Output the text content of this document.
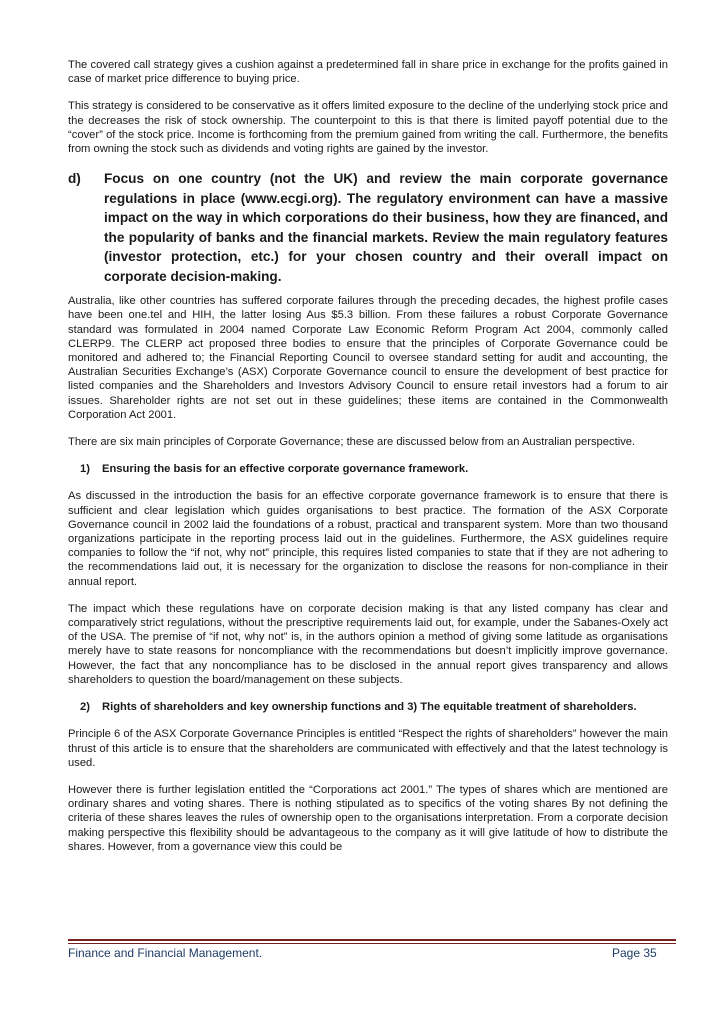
The covered call strategy gives a cushion against a predetermined fall in share price in exchange for the profits gained in case of market price difference to buying price.

This strategy is considered to be conservative as it offers limited exposure to the decline of the underlying stock price and the decreases the risk of stock ownership. The counterpoint to this is that there is limited payoff potential due to the “cover” of the stock price. Income is forthcoming from the premium gained from writing the call. Furthermore, the benefits from owning the stock such as dividends and voting rights are gained by the investor.

d)	Focus on one country (not the UK) and review the main corporate governance regulations in place (www.ecgi.org). The regulatory environment can have a massive impact on the way in which corporations do their business, how they are financed, and the popularity of banks and the financial markets. Review the main regulatory features (investor protection, etc.) for your chosen country and their overall impact on corporate decision-making.

Australia, like other countries has suffered corporate failures through the preceding decades, the highest profile cases have been one.tel and HIH, the latter losing Aus $5.3 billion. From these failures a robust Corporate Governance standard was formulated in 2004 named Corporate Law Economic Reform Program Act 2004, commonly called CLERP9. The CLERP act proposed three bodies to ensure that the principles of Corporate Governance could be monitored and adhered to; the Financial Reporting Council to oversee standard setting for audit and accounting, the Australian Securities Exchange’s (ASX) Corporate Governance council to ensure the development of best practice for listed companies and the Shareholders and Investors Advisory Council to ensure retail investors had a forum to air issues. Shareholder rights are not set out in these guidelines; these items are contained in the Commonwealth Corporation Act 2001.

There are six main principles of Corporate Governance; these are discussed below from an Australian perspective.

1)	Ensuring the basis for an effective corporate governance framework.

As discussed in the introduction the basis for an effective corporate governance framework is to ensure that there is sufficient and clear legislation which guides organisations to best practice. The formation of the ASX Corporate Governance council in 2002 laid the foundations of a robust, practical and transparent system. More than two thousand organizations participate in the reporting process laid out in the guidelines. Furthermore, the ASX guidelines require companies to follow the “if not, why not” principle, this requires listed companies to state that if they are not adhering to the recommendations laid out, it is necessary for the organization to disclose the reasons for non-compliance in their annual report.

The impact which these regulations have on corporate decision making is that any listed company has clear and comparatively strict regulations, without the prescriptive requirements laid out, for example, under the Sabanes-Oxely act of the USA. The premise of “if not, why not” is, in the authors opinion a method of giving some latitude as organisations merely have to state reasons for noncompliance with the recommendations but doesn’t implicitly improve governance. However, the fact that any noncompliance has to be disclosed in the annual report gives transparency and allows shareholders to question the board/management on these subjects.

2)	Rights of shareholders and key ownership functions and 3) The equitable treatment of shareholders.

Principle 6 of the ASX Corporate Governance Principles is entitled “Respect the rights of shareholders” however the main thrust of this article is to ensure that the shareholders are communicated with effectively and that the latest technology is used.

However there is further legislation entitled the “Corporations act 2001.” The types of shares which are mentioned are ordinary shares and voting shares. There is nothing stipulated as to specifics of the voting shares By not defining the criteria of these shares leaves the rules of ownership open to the organisations interpretation. From a corporate decision making perspective this flexibility should be advantageous to the company as it will give latitude of how to distribute the shares. However, from a governance view this could be

Finance and Financial Management.	Page 35
